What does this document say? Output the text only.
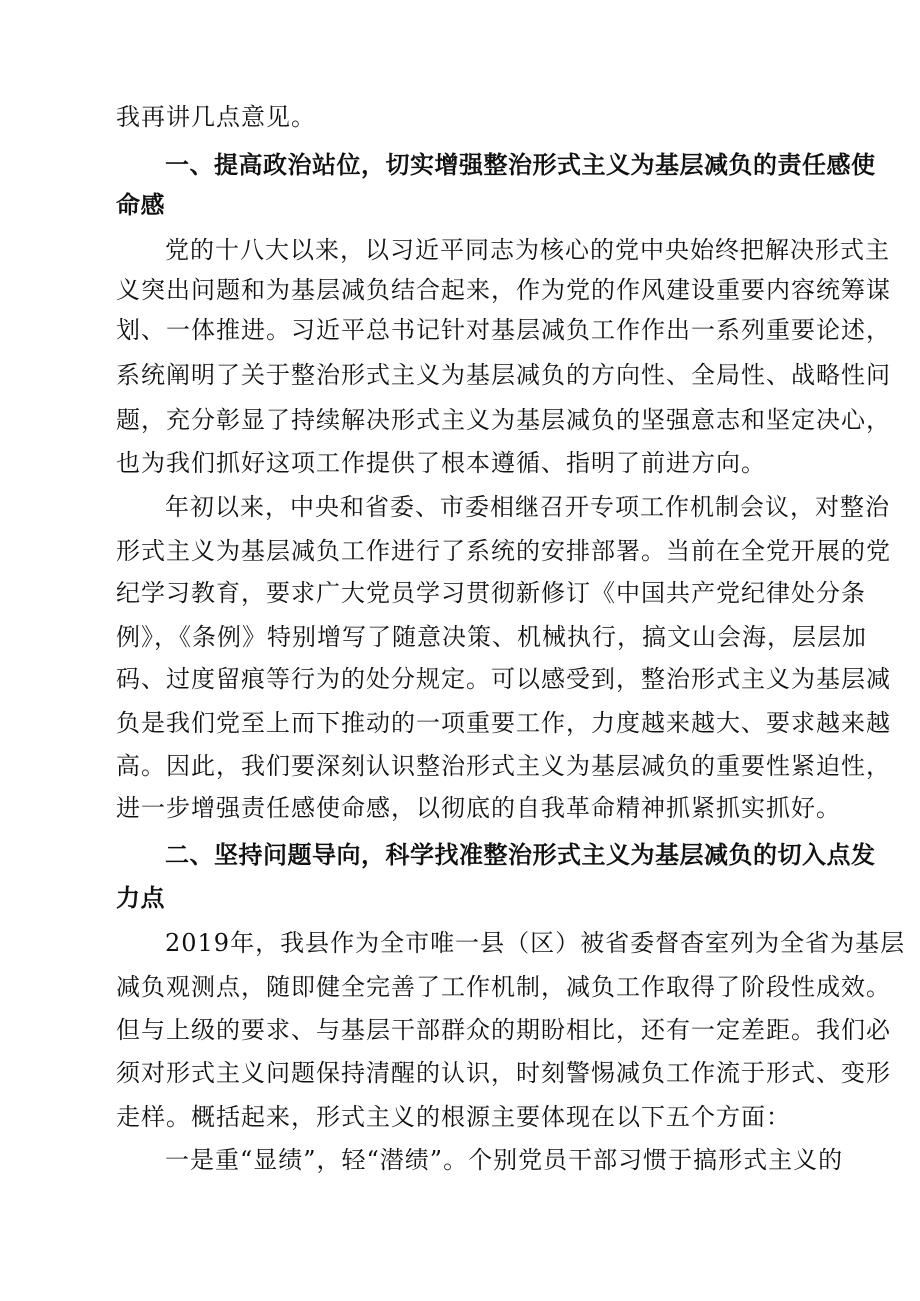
我再讲几点意见。
一、提高政治站位，切实增强整治形式主义为基层减负的责任感使
命感
党的十八大以来，以习近平同志为核心的党中央始终把解决形式主
义突出问题和为基层减负结合起来，作为党的作风建设重要内容统筹谋
划、一体推进。习近平总书记针对基层减负工作作出一系列重要论述，
系统阐明了关于整治形式主义为基层减负的方向性、全局性、战略性问
题，充分彰显了持续解决形式主义为基层减负的坚强意志和坚定决心，
也为我们抓好这项工作提供了根本遵循、指明了前进方向。
年初以来，中央和省委、市委相继召开专项工作机制会议，对整治
形式主义为基层减负工作进行了系统的安排部署。当前在全党开展的党
纪学习教育，要求广大党员学习贯彻新修订《中国共产党纪律处分条
例》，《条例》特别增写了随意决策、机械执行，搞文山会海，层层加
码、过度留痕等行为的处分规定。可以感受到，整治形式主义为基层减
负是我们党至上而下推动的一项重要工作，力度越来越大、要求越来越
高。因此，我们要深刻认识整治形式主义为基层减负的重要性紧迫性，
进一步增强责任感使命感，以彻底的自我革命精神抓紧抓实抓好。
二、坚持问题导向，科学找准整治形式主义为基层减负的切入点发
力点
2019年，我县作为全市唯一县（区）被省委督杳室列为全省为基层
减负观测点，随即健全完善了工作机制，减负工作取得了阶段性成效。
但与上级的要求、与基层干部群众的期盼相比，还有一定差距。我们必
须对形式主义问题保持清醒的认识，时刻警惕减负工作流于形式、变形
走样。概括起来，形式主义的根源主要体现在以下五个方面：
一是重“显绩”，轻“潜绩”。个别党员干部习惯于搞形式主义的
